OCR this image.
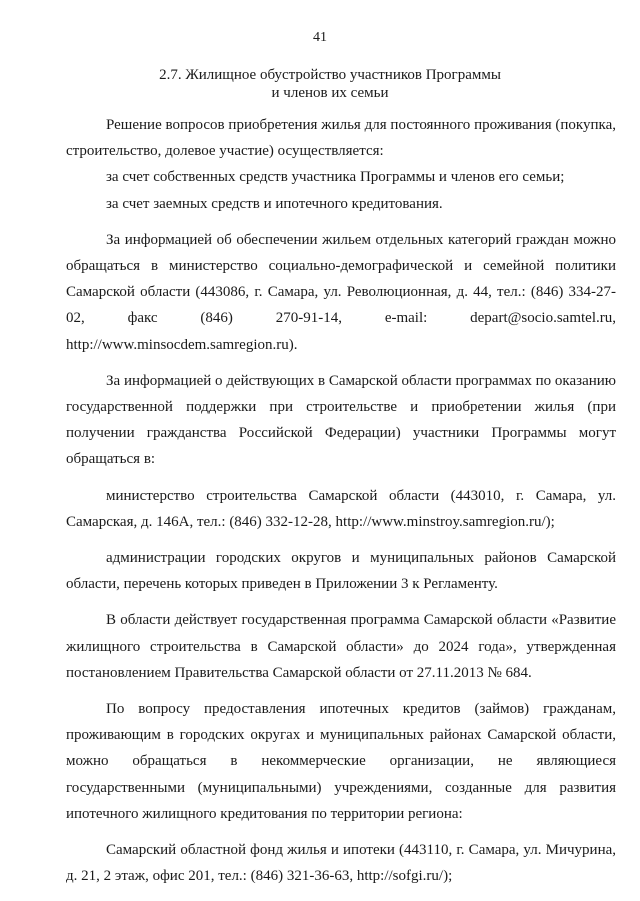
41
2.7. Жилищное обустройство участников Программы
и членов их семьи

Решение вопросов приобретения жилья для постоянного проживания (покупка, строительство, долевое участие) осуществляется:

за счет собственных средств участника Программы и членов его семьи;

за счет заемных средств и ипотечного кредитования.

За информацией об обеспечении жильем отдельных категорий граждан можно обращаться в министерство социально-демографической и семейной политики Самарской области (443086, г. Самара, ул. Революционная, д. 44, тел.: (846) 334-27-02, факс (846) 270-91-14, e-mail: depart@socio.samtel.ru, http://www.minsocdem.samregion.ru).

За информацией о действующих в Самарской области программах по оказанию государственной поддержки при строительстве и приобретении жилья (при получении гражданства Российской Федерации) участники Программы могут обращаться в:

министерство строительства Самарской области (443010, г. Самара, ул. Самарская, д. 146А, тел.: (846) 332-12-28, http://www.minstroy.samregion.ru/);

администрации городских округов и муниципальных районов Самарской области, перечень которых приведен в Приложении 3 к Регламенту.

В области действует государственная программа Самарской области «Развитие жилищного строительства в Самарской области» до 2024 года», утвержденная постановлением Правительства Самарской области от 27.11.2013 № 684.

По вопросу предоставления ипотечных кредитов (займов) гражданам, проживающим в городских округах и муниципальных районах Самарской области, можно обращаться в некоммерческие организации, не являющиеся государственными (муниципальными) учреждениями, созданные для развития ипотечного жилищного кредитования по территории региона:

Самарский областной фонд жилья и ипотеки (443110, г. Самара, ул. Мичурина, д. 21, 2 этаж, офис 201, тел.: (846) 321-36-63, http://sofgi.ru/);
